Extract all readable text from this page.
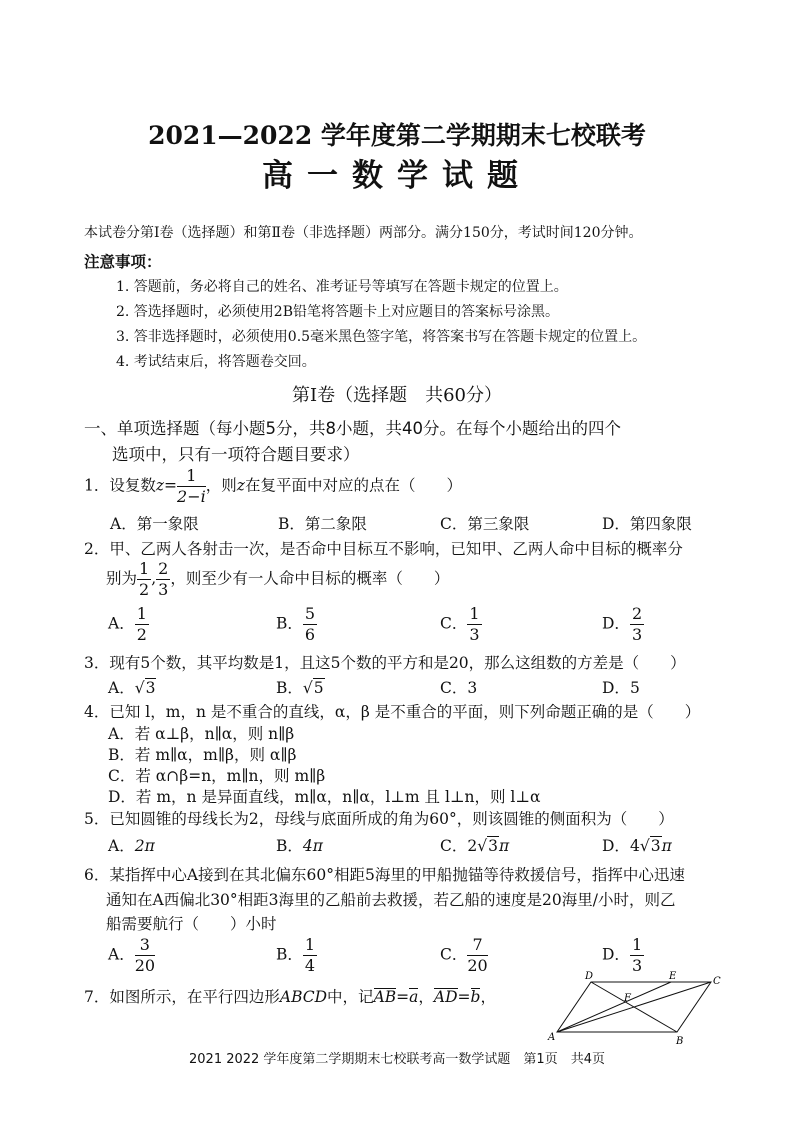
2021—2022 学年度第二学期期末七校联考
高一数学试题
本试卷分第Ⅰ卷（选择题）和第Ⅱ卷（非选择题）两部分。满分150分，考试时间120分钟。
注意事项：
1. 答题前，务必将自己的姓名、准考证号等填写在答题卡规定的位置上。
2. 答选择题时，必须使用2B铅笔将答题卡上对应题目的答案标号涂黑。
3. 答非选择题时，必须使用0.5毫米黑色签字笔，将答案书写在答题卡规定的位置上。
4. 考试结束后，将答题卷交回。
第Ⅰ卷（选择题　共60分）
一、单项选择题（每小题5分，共8小题，共40分。在每个小题给出的四个
选项中，只有一项符合题目要求）
1．设复数$z= \frac{1}{2-i}$ ，则z在复平面中对应的点在（　　）
A．第一象限	B．第二象限	C．第三象限	D．第四象限
2．甲、乙两人各射击一次，是否命中目标互不影响，已知甲、乙两人命中目标的概率分
别为 $\frac{1}{2}$ , $\frac{2}{3}$ ，则至少有一人命中目标的概率（　　）
A． $\frac{1}{2}$	B． $\frac{5}{6}$	C． $\frac{1}{3}$	D． $\frac{2}{3}$
3．现有5个数，其平均数是1，且这5个数的平方和是20，那么这组数的方差是（　　）
A．√3	B．√5	C．3	D．5
4．已知 l，m，n 是不重合的直线，α，β 是不重合的平面，则下列命题正确的是（　　）
A．若 α⊥β，n∥α，则 n∥β
B．若 m∥α，m∥β，则 α∥β
C．若 α∩β=n，m∥n，则 m∥β
D．若 m，n 是异面直线，m∥α，n∥α，l⊥m 且 l⊥n，则 l⊥α
5．已知圆锥的母线长为2，母线与底面所成的角为60°，则该圆锥的侧面积为（　　）
A．2π	B．4π	C．2√3π	D．4√3π
6．某指挥中心A接到在其北偏东60°相距5海里的甲船抛锚等待救援信号，指挥中心迅速
通知在A西偏北30°相距3海里的乙船前去救援，若乙船的速度是20海里/小时，则乙
船需要航行（　　）小时
A． $\frac{3}{20}$	B． $\frac{1}{4}$	C． $\frac{7}{20}$	D． $\frac{1}{3}$
7．如图所示，在平行四边形ABCD中，记AB=a，AD=b，
D	E	C
F
A	B
2021 2022 学年度第二学期期末七校联考高一数学试题　第1页　共4页
